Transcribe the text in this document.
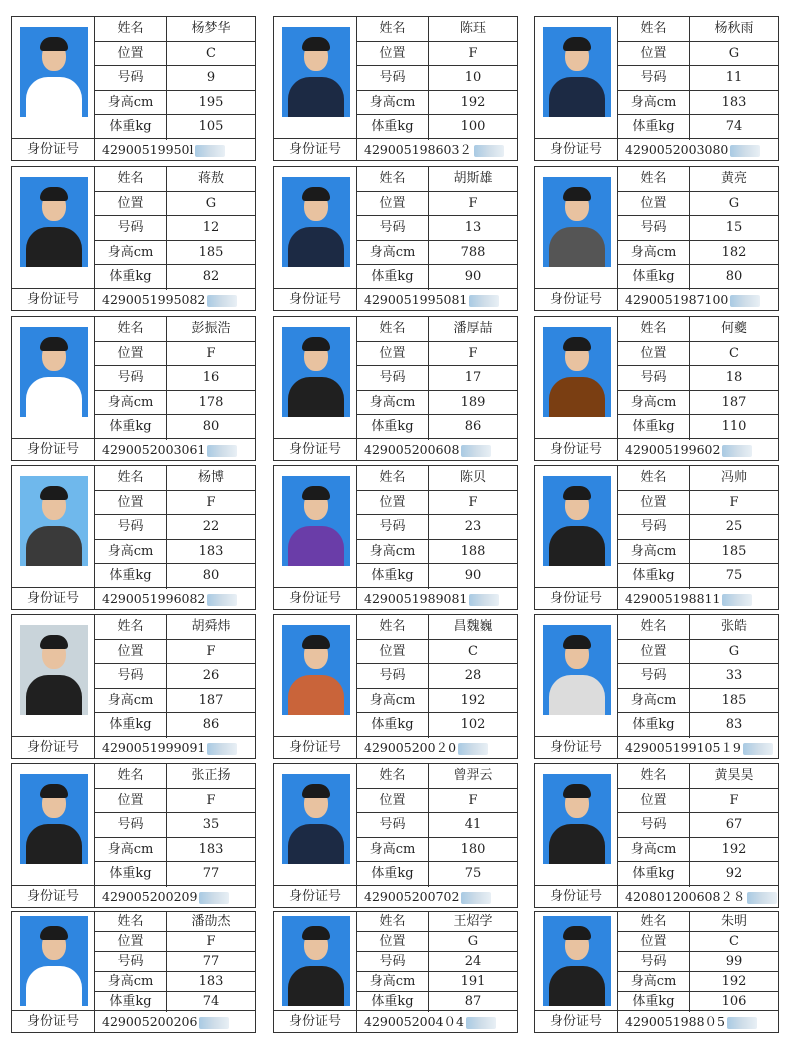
姓名	杨梦华
位置	C
号码	9
身高cm	195
体重kg	105
身份证号	42900519950l
姓名	陈珏
位置	F
号码	10
身高cm	192
体重kg	100
身份证号	429005198603２
姓名	杨秋雨
位置	G
号码	11
身高cm	183
体重kg	74
身份证号	4290052003080
姓名	蒋敖
位置	G
号码	12
身高cm	185
体重kg	82
身份证号	4290051995082
姓名	胡斯雄
位置	F
号码	13
身高cm	788
体重kg	90
身份证号	4290051995081
姓名	黄亮
位置	G
号码	15
身高cm	182
体重kg	80
身份证号	4290051987100
姓名	彭振浩
位置	F
号码	16
身高cm	178
体重kg	80
身份证号	4290052003061
姓名	潘厚喆
位置	F
号码	17
身高cm	189
体重kg	86
身份证号	429005200608
姓名	何夔
位置	C
号码	18
身高cm	187
体重kg	110
身份证号	429005199602
姓名	杨博
位置	F
号码	22
身高cm	183
体重kg	80
身份证号	4290051996082
姓名	陈贝
位置	F
号码	23
身高cm	188
体重kg	90
身份证号	4290051989081
姓名	冯帅
位置	F
号码	25
身高cm	185
体重kg	75
身份证号	429005198811
姓名	胡舜炜
位置	F
号码	26
身高cm	187
体重kg	86
身份证号	4290051999091
姓名	昌魏巍
位置	C
号码	28
身高cm	192
体重kg	102
身份证号	429005200２0
姓名	张皓
位置	G
号码	33
身高cm	185
体重kg	83
身份证号	429005199105１9
姓名	张正扬
位置	F
号码	35
身高cm	183
体重kg	77
身份证号	429005200209
姓名	曾羿云
位置	F
号码	41
身高cm	180
体重kg	75
身份证号	429005200702
姓名	黄昊昊
位置	F
号码	67
身高cm	192
体重kg	92
身份证号	420801200608２８
姓名	潘劭杰
位置	F
号码	77
身高cm	183
体重kg	74
身份证号	429005200206
姓名	王炤学
位置	G
号码	24
身高cm	191
体重kg	87
身份证号	4290052004０4
姓名	朱明
位置	C
号码	99
身高cm	192
体重kg	106
身份证号	4290051988０5
